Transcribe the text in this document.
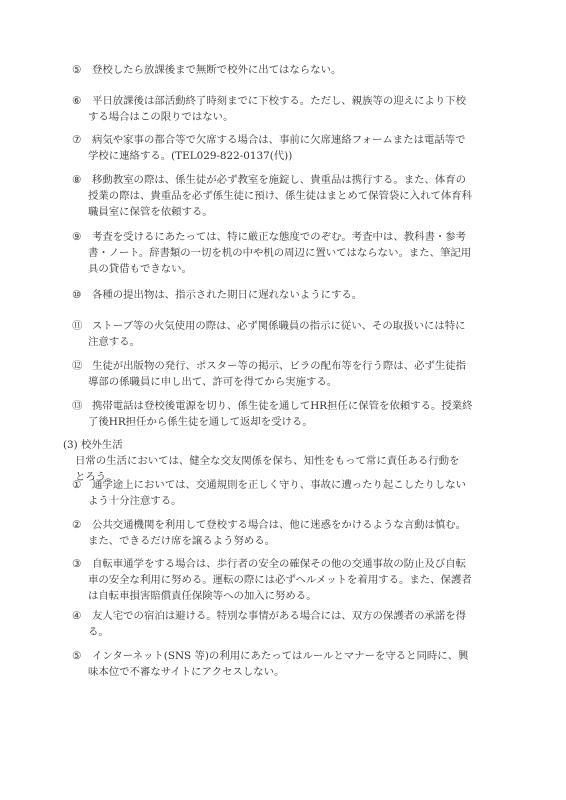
⑤	登校したら放課後まで無断で校外に出てはならない。
⑥	平日放課後は部活動終了時刻までに下校する。ただし、親族等の迎えにより下校
する場合はこの限りではない。
⑦	病気や家事の都合等で欠席する場合は、事前に欠席連絡フォームまたは電話等で
学校に連絡する。(TEL029-822-0137(代))
⑧	移動教室の際は、係生徒が必ず教室を施錠し、貴重品は携行する。また、体育の
授業の際は、貴重品を必ず係生徒に預け、係生徒はまとめて保管袋に入れて体育科
職員室に保管を依頼する。
⑨	考査を受けるにあたっては、特に厳正な態度でのぞむ。考査中は、教科書・参考
書・ノート。辞書類の一切を机の中や机の周辺に置いてはならない。また、筆記用
具の貸借もできない。
⑩	各種の提出物は、指示された期日に遅れないようにする。
⑪ ストーブ等の火気使用の際は、必ず関係職員の指示に従い、その取扱いには特に
注意する。
⑫ 生徒が出版物の発行、ポスター等の掲示、ビラの配布等を行う際は、必ず生徒指
導部の係職員に申し出て、許可を得てから実施する。
⑬ 携帯電話は登校後電源を切り、係生徒を通してHR担任に保管を依頼する。授業終
了後HR担任から係生徒を通して返却を受ける。
(3) 校外生活
日常の生活においては、健全な交友関係を保ち、知性をもって常に責任ある行動を
とろう。
①	通学途上においては、交通規則を正しく守り、事故に遭ったり起こしたりしない
よう十分注意する。
②	公共交通機関を利用して登校する場合は、他に迷惑をかけるような言動は慎む。
また、できるだけ席を譲るよう努める。
③	自転車通学をする場合は、歩行者の安全の確保その他の交通事故の防止及び自転
車の安全な利用に努める。運転の際には必ずヘルメットを着用する。また、保護者
は自転車損害賠償責任保険等への加入に努める。
④	友人宅での宿泊は避ける。特別な事情がある場合には、双方の保護者の承諾を得
る。
⑤	インターネット(SNS 等)の利用にあたってはルールとマナーを守ると同時に、興
味本位で不審なサイトにアクセスしない。
